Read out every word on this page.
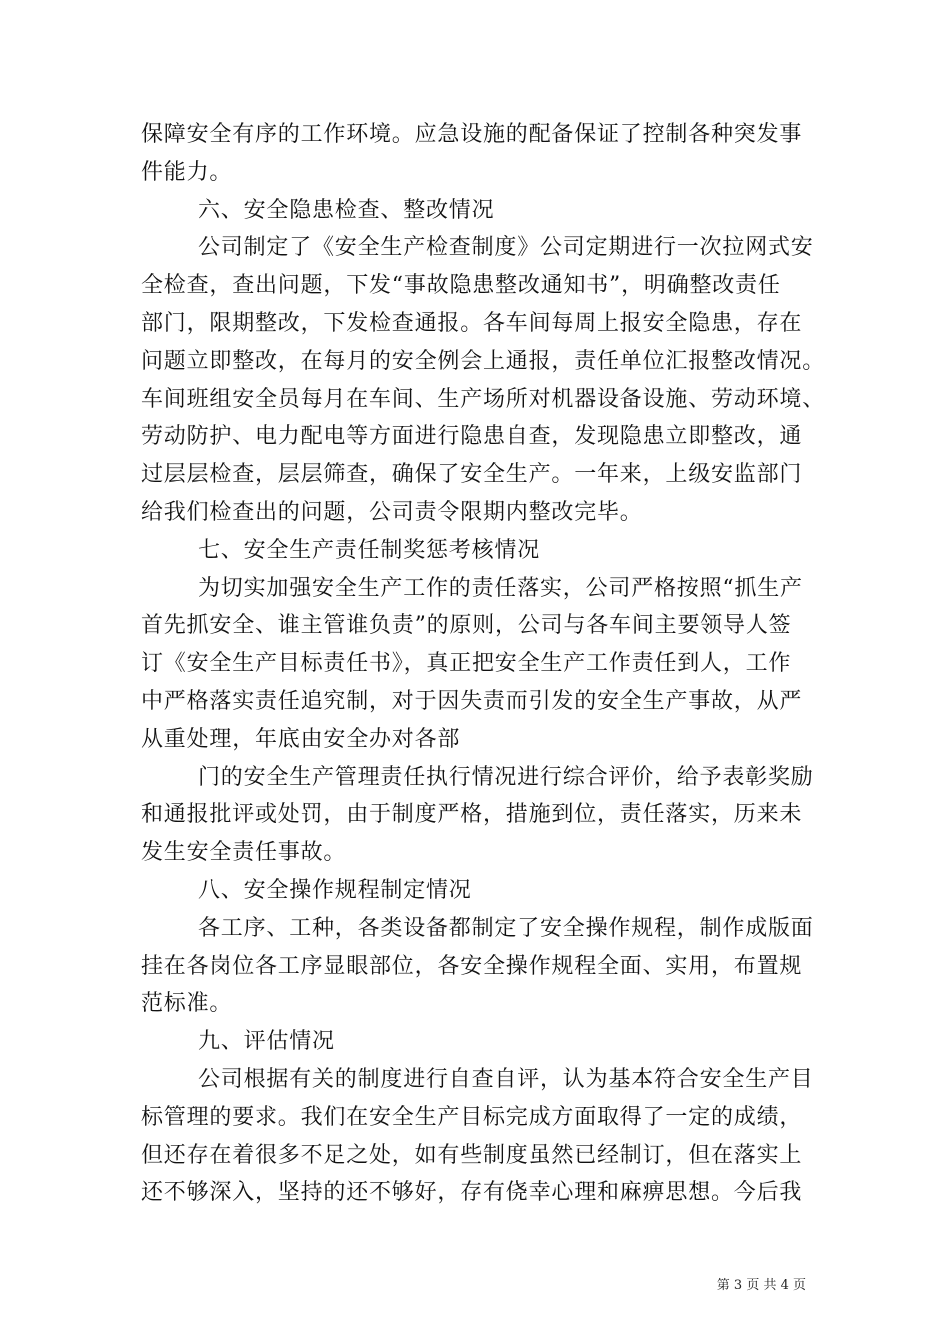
保障安全有序的工作环境。应急设施的配备保证了控制各种突发事
件能力。
六、安全隐患检查、整改情况
公司制定了《安全生产检查制度》公司定期进行一次拉网式安
全检查，查出问题，下发“事故隐患整改通知书”，明确整改责任
部门，限期整改，下发检查通报。各车间每周上报安全隐患，存在
问题立即整改，在每月的安全例会上通报，责任单位汇报整改情况。
车间班组安全员每月在车间、生产场所对机器设备设施、劳动环境、
劳动防护、电力配电等方面进行隐患自查，发现隐患立即整改，通
过层层检查，层层筛查，确保了安全生产。一年来，上级安监部门
给我们检查出的问题，公司责令限期内整改完毕。
七、安全生产责任制奖惩考核情况
为切实加强安全生产工作的责任落实，公司严格按照“抓生产
首先抓安全、谁主管谁负责”的原则，公司与各车间主要领导人签
订《安全生产目标责任书》，真正把安全生产工作责任到人，工作
中严格落实责任追究制，对于因失责而引发的安全生产事故，从严
从重处理，年底由安全办对各部
门的安全生产管理责任执行情况进行综合评价，给予表彰奖励
和通报批评或处罚，由于制度严格，措施到位，责任落实，历来未
发生安全责任事故。
八、安全操作规程制定情况
各工序、工种，各类设备都制定了安全操作规程，制作成版面
挂在各岗位各工序显眼部位，各安全操作规程全面、实用，布置规
范标准。
九、评估情况
公司根据有关的制度进行自查自评，认为基本符合安全生产目
标管理的要求。我们在安全生产目标完成方面取得了一定的成绩，
但还存在着很多不足之处，如有些制度虽然已经制订，但在落实上
还不够深入，坚持的还不够好，存有侥幸心理和麻痹思想。今后我
第 3 页 共 4 页
